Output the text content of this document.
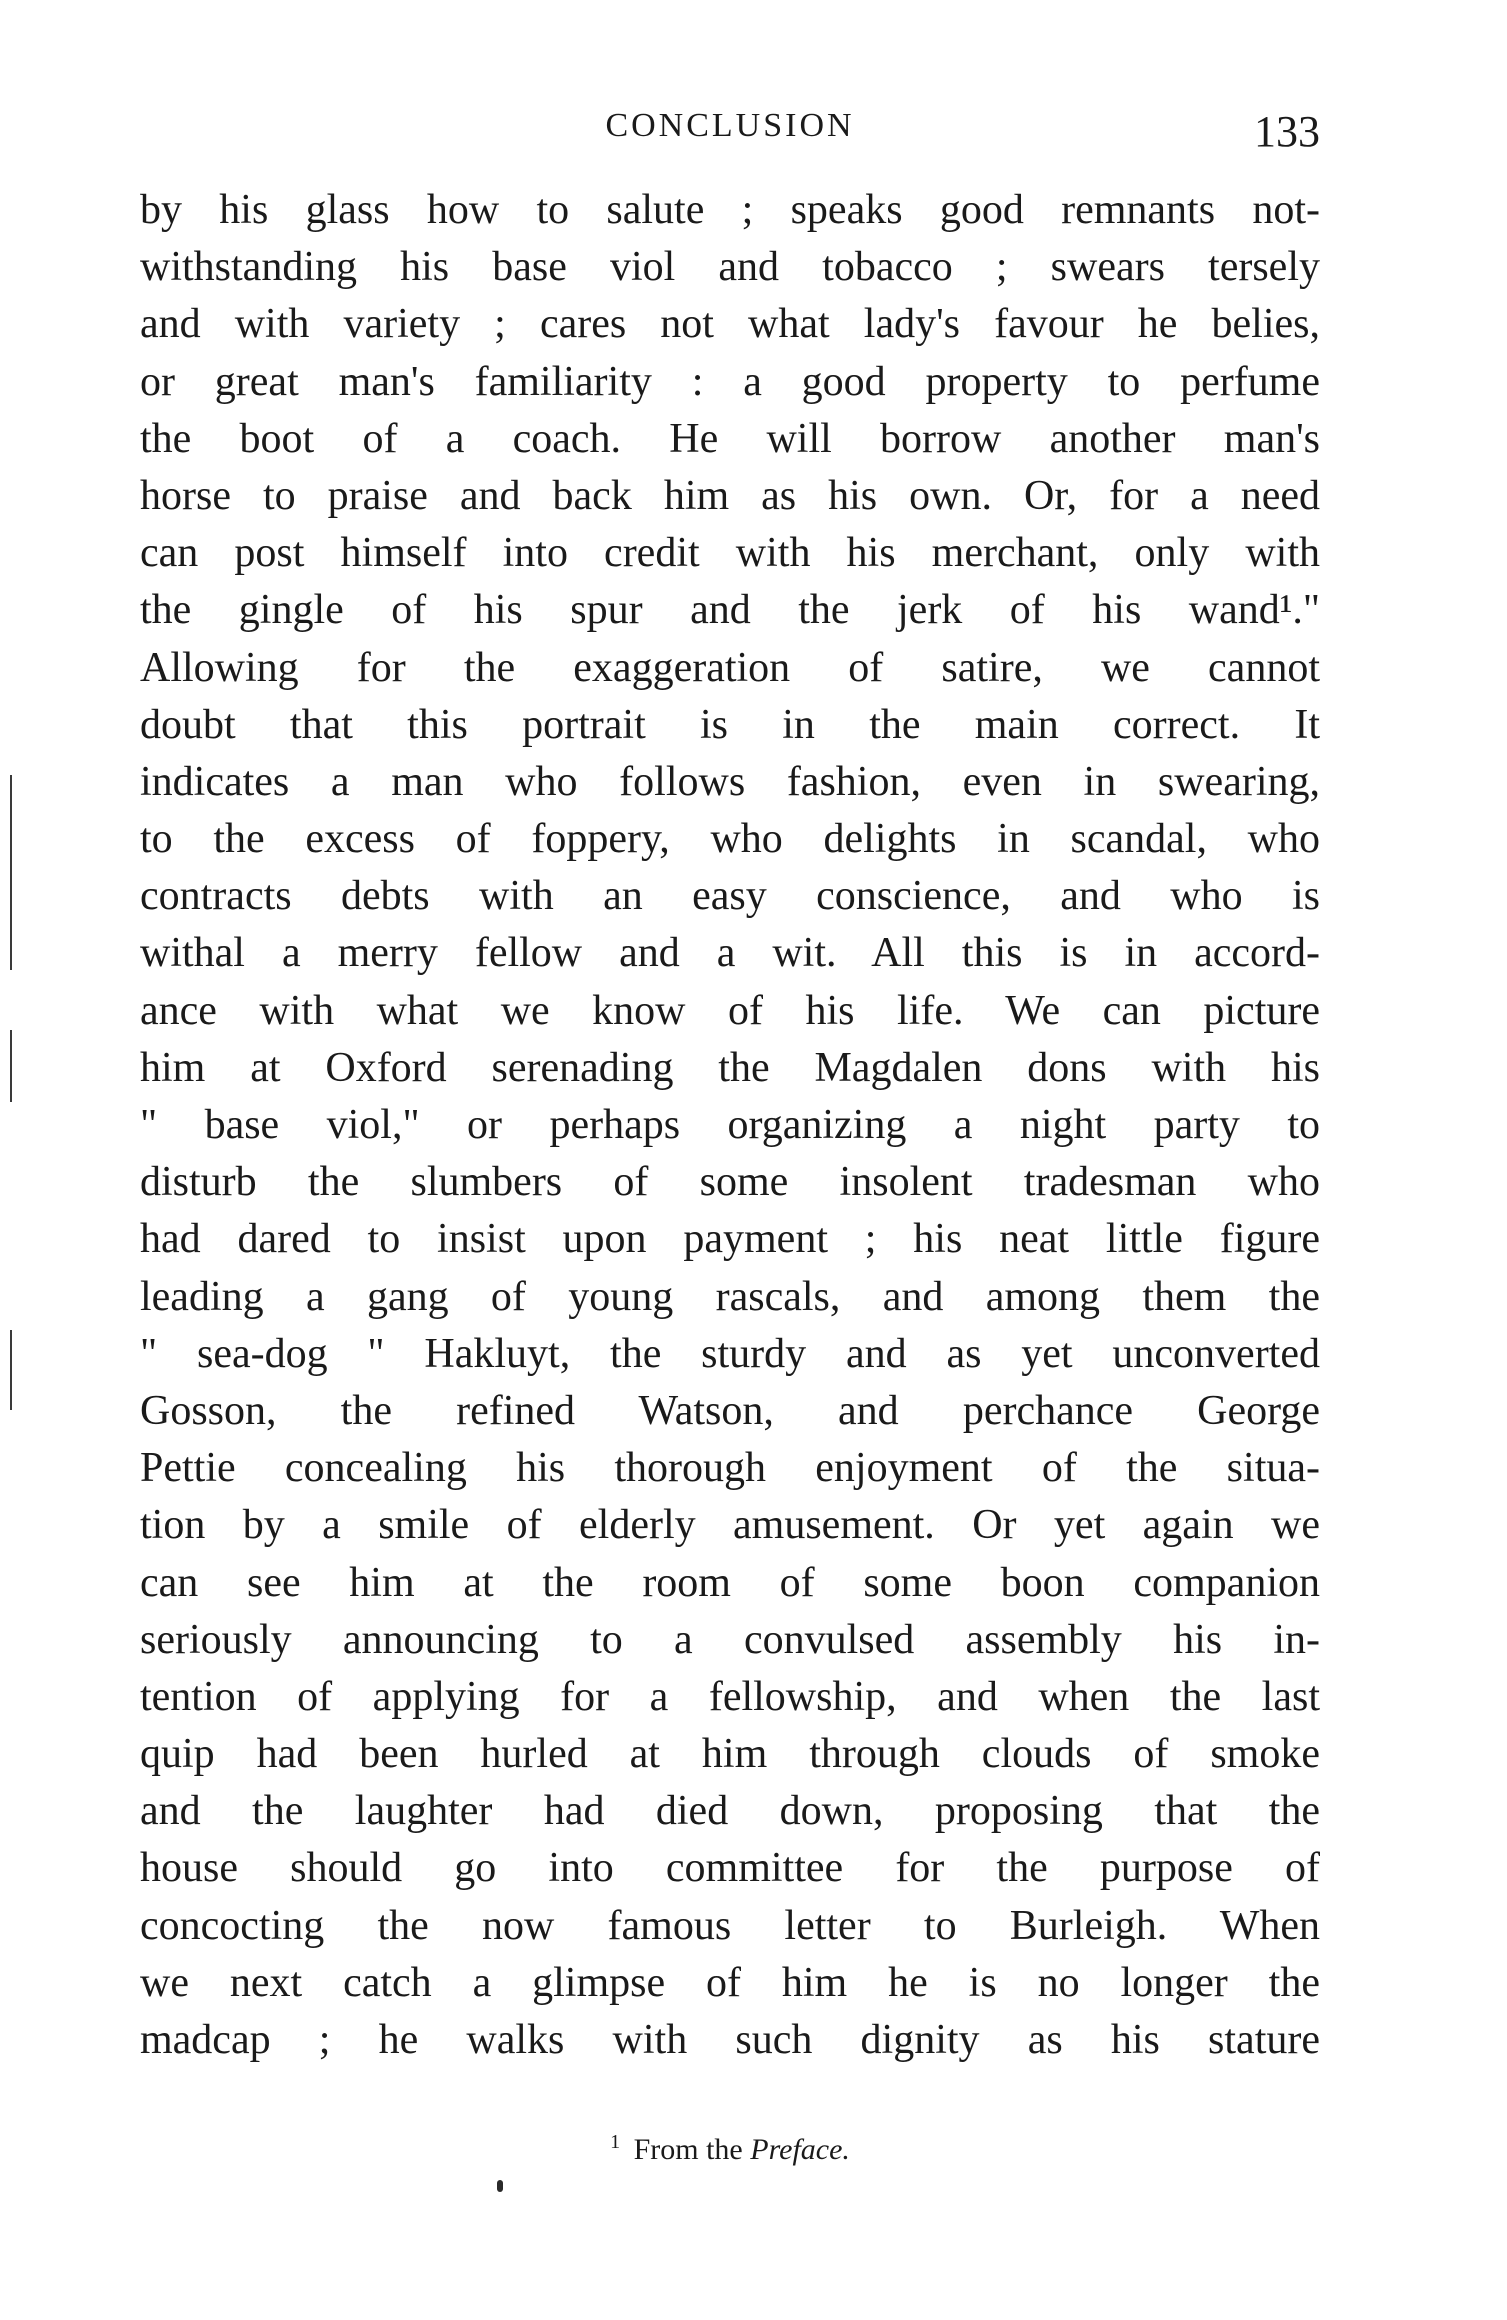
CONCLUSION	133
by his glass how to salute ; speaks good remnants not-
withstanding his base viol and tobacco ; swears tersely
and with variety ; cares not what lady's favour he belies,
or great man's familiarity : a good property to perfume
the boot of a coach. He will borrow another man's
horse to praise and back him as his own. Or, for a need
can post himself into credit with his merchant, only with
the gingle of his spur and the jerk of his wand¹."
Allowing for the exaggeration of satire, we cannot
doubt that this portrait is in the main correct. It
indicates a man who follows fashion, even in swearing,
to the excess of foppery, who delights in scandal, who
contracts debts with an easy conscience, and who is
withal a merry fellow and a wit. All this is in accord-
ance with what we know of his life. We can picture
him at Oxford serenading the Magdalen dons with his
" base viol," or perhaps organizing a night party to
disturb the slumbers of some insolent tradesman who
had dared to insist upon payment ; his neat little figure
leading a gang of young rascals, and among them the
" sea-dog " Hakluyt, the sturdy and as yet unconverted
Gosson, the refined Watson, and perchance George
Pettie concealing his thorough enjoyment of the situa-
tion by a smile of elderly amusement. Or yet again we
can see him at the room of some boon companion
seriously announcing to a convulsed assembly his in-
tention of applying for a fellowship, and when the last
quip had been hurled at him through clouds of smoke
and the laughter had died down, proposing that the
house should go into committee for the purpose of
concocting the now famous letter to Burleigh. When
we next catch a glimpse of him he is no longer the
madcap ; he walks with such dignity as his stature
$^1$ From the Preface.
